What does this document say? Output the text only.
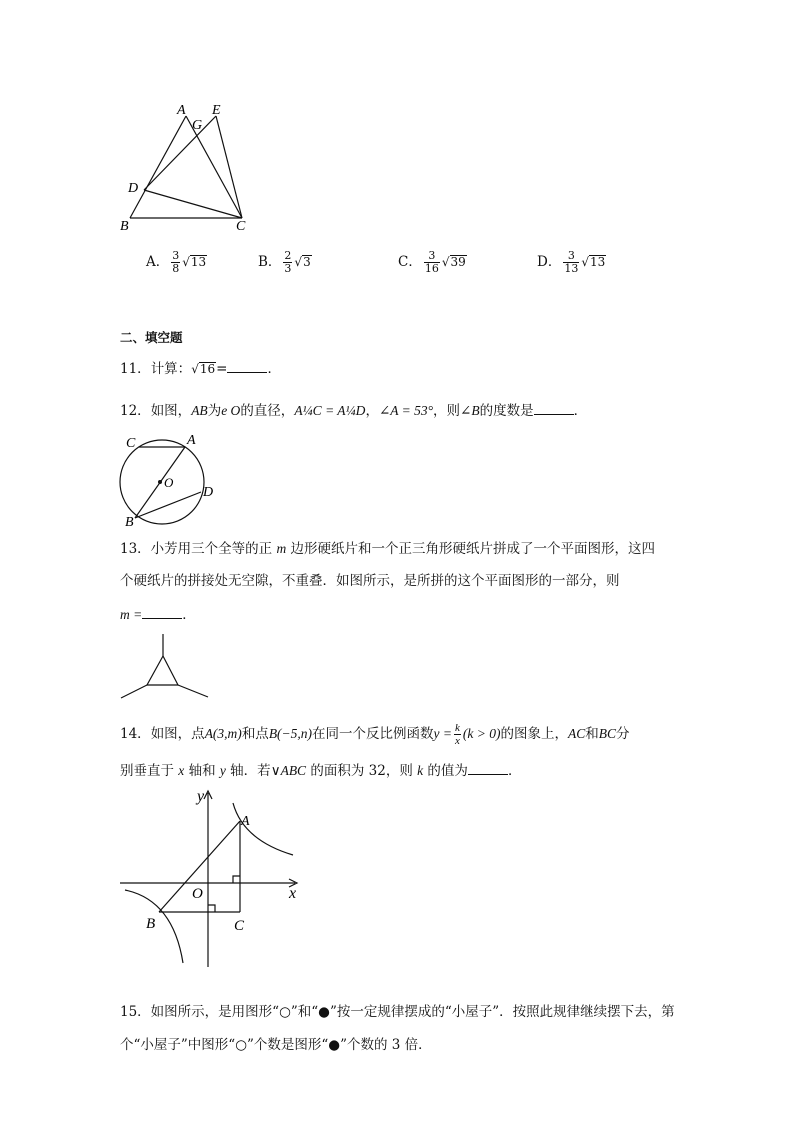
A
G
E
D
B	C
A． $\frac{3}{8} √13$	B． $\frac{2}{3} √3$	C． $\frac{3}{16} √39$	D． $\frac{3}{13} √13$
二、填空题
11．计算：√16=	．
12．如图，AB为e O的直径，A¼C = A¼D，∠A = 53°，则∠B的度数是	．
C	A
O
D
B
13．小芳用三个全等的正 m 边形硬纸片和一个正三角形硬纸片拼成了一个平面图形，这四
个硬纸片的拼接处无空隙，不重叠．如图所示，是所拼的这个平面图形的一部分，则
m =	．
14．如图，点A(3,m)和点B(−5,n)在同一个反比例函数$y = \frac{k}{x} (k > 0)$的图象上，AC和BC分
别垂直于 x 轴和 y 轴．若∨ABC 的面积为 32，则 k 的值为	．
y
x
A
O
B	C
15．如图所示，是用图形“○”和“●”按一定规律摆成的“小屋子”．按照此规律继续摆下去，第
个“小屋子”中图形“○”个数是图形“●”个数的 3 倍．
